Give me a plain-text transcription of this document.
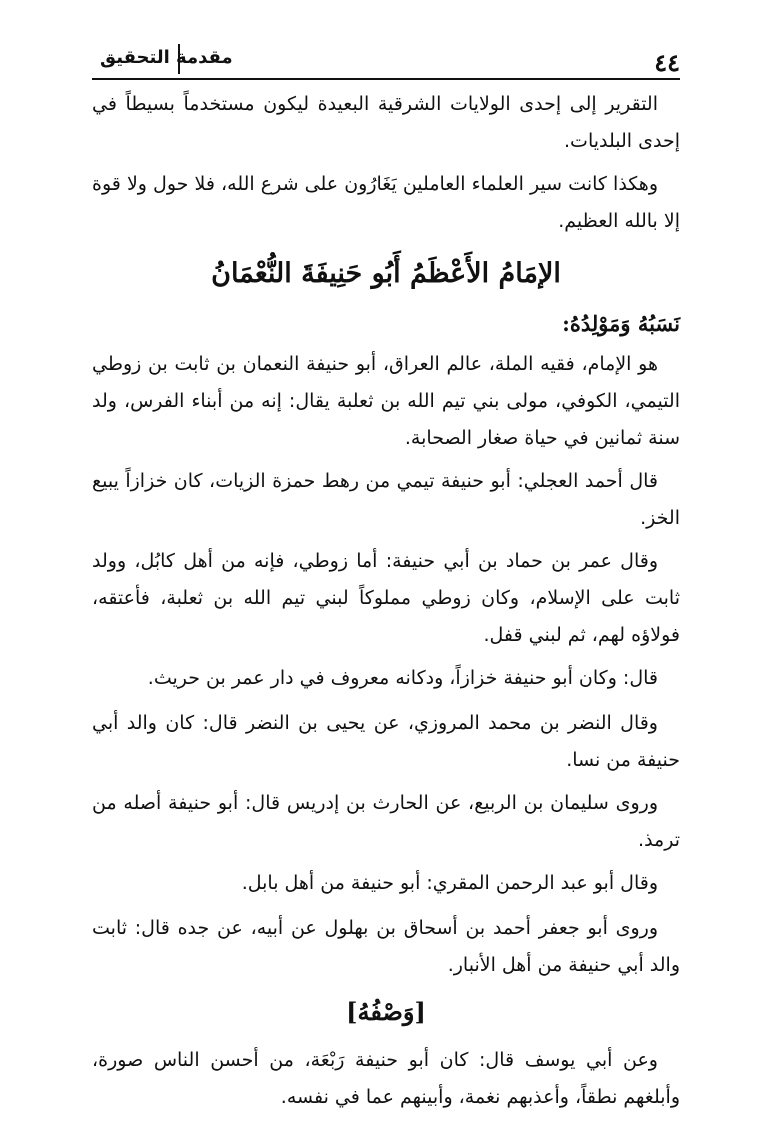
٤٤
مقدمة التحقيق

التقرير إلى إحدى الولايات الشرقية البعيدة ليكون مستخدماً بسيطاً في إحدى البلديات.

وهكذا كانت سير العلماء العاملين يَغَارُون على شرع الله، فلا حول ولا قوة إلا بالله العظيم.

الإمَامُ الأَعْظَمُ أَبُو حَنِيفَةَ النُّعْمَانُ
نَسَبُهُ وَمَوْلِدُهُ:

هو الإمام، فقيه الملة، عالم العراق، أبو حنيفة النعمان بن ثابت بن زوطي التيمي، الكوفي، مولى بني تيم الله بن ثعلبة يقال: إنه من أبناء الفرس، ولد سنة ثمانين في حياة صغار الصحابة.

قال أحمد العجلي: أبو حنيفة تيمي من رهط حمزة الزيات، كان خزازاً يبيع الخز.

وقال عمر بن حماد بن أبي حنيفة: أما زوطي، فإنه من أهل كابُل، وولد ثابت على الإسلام، وكان زوطي مملوكاً لبني تيم الله بن ثعلبة، فأعتقه، فولاؤه لهم، ثم لبني قفل.

قال: وكان أبو حنيفة خزازاً، ودكانه معروف في دار عمر بن حريث.

وقال النضر بن محمد المروزي، عن يحيى بن النضر قال: كان والد أبي حنيفة من نسا.

وروى سليمان بن الربيع، عن الحارث بن إدريس قال: أبو حنيفة أصله من ترمذ.

وقال أبو عبد الرحمن المقري: أبو حنيفة من أهل بابل.

وروى أبو جعفر أحمد بن أسحاق بن بهلول عن أبيه، عن جده قال: ثابت والد أبي حنيفة من أهل الأنبار.

[وَصْفُهُ]

وعن أبي يوسف قال: كان أبو حنيفة رَبْعَة، من أحسن الناس صورة، وأبلغهم نطقاً، وأعذبهم نغمة، وأبينهم عما في نفسه.
